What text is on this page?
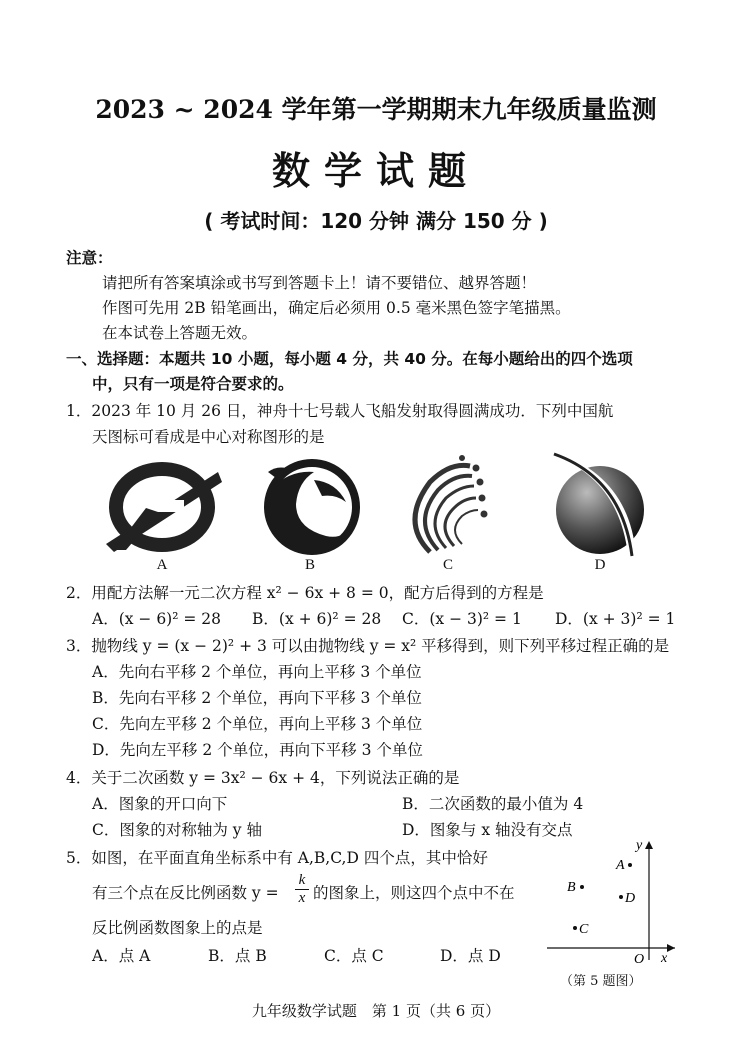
2023 ~ 2024 学年第一学期期末九年级质量监测
数学试题
( 考试时间：120 分钟 满分 150 分 )
注意：
请把所有答案填涂或书写到答题卡上！请不要错位、越界答题！
作图可先用 2B 铅笔画出，确定后必须用 0.5 毫米黑色签字笔描黑。
在本试卷上答题无效。
一、选择题：本题共 10 小题，每小题 4 分，共 40 分。在每小题给出的四个选项
中，只有一项是符合要求的。
1．2023 年 10 月 26 日，神舟十七号载人飞船发射取得圆满成功．下列中国航
天图标可看成是中心对称图形的是
A	B	C	D
2．用配方法解一元二次方程 x² − 6x + 8 = 0，配方后得到的方程是
A．(x − 6)² = 28 B．(x + 6)² = 28 C．(x − 3)² = 1 D．(x + 3)² = 1
3．抛物线 y = (x − 2)² + 3 可以由抛物线 y = x² 平移得到，则下列平移过程正确的是
A．先向右平移 2 个单位，再向上平移 3 个单位
B．先向右平移 2 个单位，再向下平移 3 个单位
C．先向左平移 2 个单位，再向上平移 3 个单位
D．先向左平移 2 个单位，再向下平移 3 个单位
4．关于二次函数 y = 3x² − 6x + 4，下列说法正确的是
A．图象的开口向下	B．二次函数的最小值为 4
C．图象的对称轴为 y 轴	D．图象与 x 轴没有交点
5．如图，在平面直角坐标系中有 A,B,C,D 四个点，其中恰好
有三个点在反比例函数 $y = \frac{k}{x}$ 的图象上，则这四个点中不在
反比例函数图象上的点是
A．点 A	B．点 B	C．点 C	D．点 D
y
x
O
A
B
D
C
（第 5 题图）
九年级数学试题　第 1 页（共 6 页）
